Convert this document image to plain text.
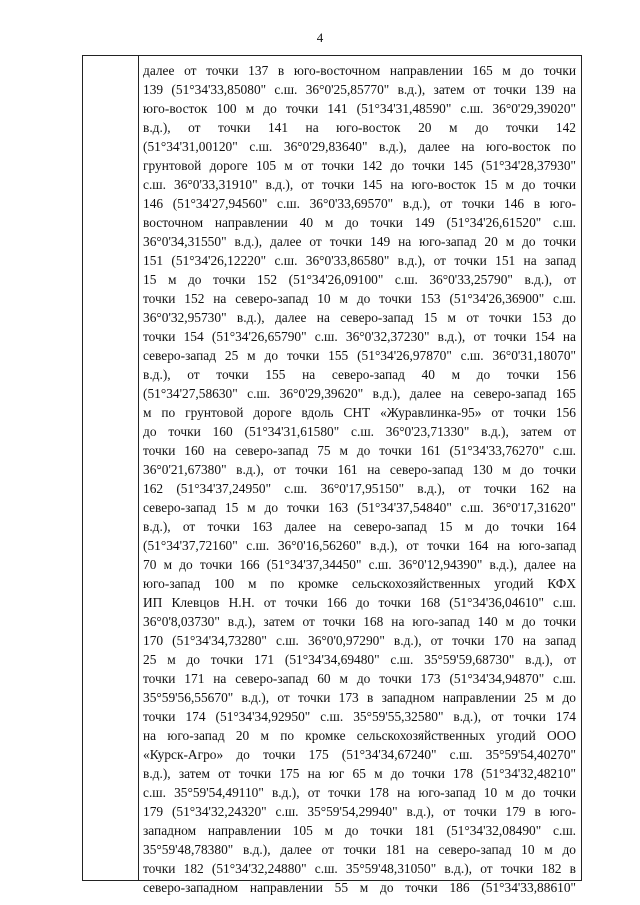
4
далее от точки 137 в юго-восточном направлении 165 м до точки
139 (51°34'33,85080" с.ш. 36°0'25,85770" в.д.), затем от точки 139 на
юго-восток 100 м до точки 141 (51°34'31,48590" с.ш. 36°0'29,39020"
в.д.), от точки 141 на юго-восток 20 м до точки 142
(51°34'31,00120" с.ш. 36°0'29,83640" в.д.), далее на юго-восток по
грунтовой дороге 105 м от точки 142 до точки 145 (51°34'28,37930"
с.ш. 36°0'33,31910" в.д.), от точки 145 на юго-восток 15 м до точки
146 (51°34'27,94560" с.ш. 36°0'33,69570" в.д.), от точки 146 в юго-
восточном направлении 40 м до точки 149 (51°34'26,61520" с.ш.
36°0'34,31550" в.д.), далее от точки 149 на юго-запад 20 м до точки
151 (51°34'26,12220" с.ш. 36°0'33,86580" в.д.), от точки 151 на запад
15 м до точки 152 (51°34'26,09100" с.ш. 36°0'33,25790" в.д.), от
точки 152 на северо-запад 10 м до точки 153 (51°34'26,36900" с.ш.
36°0'32,95730" в.д.), далее на северо-запад 15 м от точки 153 до
точки 154 (51°34'26,65790" с.ш. 36°0'32,37230" в.д.), от точки 154 на
северо-запад 25 м до точки 155 (51°34'26,97870" с.ш. 36°0'31,18070"
в.д.), от точки 155 на северо-запад 40 м до точки 156
(51°34'27,58630" с.ш. 36°0'29,39620" в.д.), далее на северо-запад 165
м по грунтовой дороге вдоль СНТ «Журавлинка-95» от точки 156
до точки 160 (51°34'31,61580" с.ш. 36°0'23,71330" в.д.), затем от
точки 160 на северо-запад 75 м до точки 161 (51°34'33,76270" с.ш.
36°0'21,67380" в.д.), от точки 161 на северо-запад 130 м до точки
162 (51°34'37,24950" с.ш. 36°0'17,95150" в.д.), от точки 162 на
северо-запад 15 м до точки 163 (51°34'37,54840" с.ш. 36°0'17,31620"
в.д.), от точки 163 далее на северо-запад 15 м до точки 164
(51°34'37,72160" с.ш. 36°0'16,56260" в.д.), от точки 164 на юго-запад
70 м до точки 166 (51°34'37,34450" с.ш. 36°0'12,94390" в.д.), далее на
юго-запад 100 м по кромке сельскохозяйственных угодий КФХ
ИП Клевцов Н.Н. от точки 166 до точки 168 (51°34'36,04610" с.ш.
36°0'8,03730" в.д.), затем от точки 168 на юго-запад 140 м до точки
170 (51°34'34,73280" с.ш. 36°0'0,97290" в.д.), от точки 170 на запад
25 м до точки 171 (51°34'34,69480" с.ш. 35°59'59,68730" в.д.), от
точки 171 на северо-запад 60 м до точки 173 (51°34'34,94870" с.ш.
35°59'56,55670" в.д.), от точки 173 в западном направлении 25 м до
точки 174 (51°34'34,92950" с.ш. 35°59'55,32580" в.д.), от точки 174
на юго-запад 20 м по кромке сельскохозяйственных угодий ООО
«Курск-Агро» до точки 175 (51°34'34,67240" с.ш. 35°59'54,40270"
в.д.), затем от точки 175 на юг 65 м до точки 178 (51°34'32,48210"
с.ш. 35°59'54,49110" в.д.), от точки 178 на юго-запад 10 м до точки
179 (51°34'32,24320" с.ш. 35°59'54,29940" в.д.), от точки 179 в юго-
западном направлении 105 м до точки 181 (51°34'32,08490" с.ш.
35°59'48,78380" в.д.), далее от точки 181 на северо-запад 10 м до
точки 182 (51°34'32,24880" с.ш. 35°59'48,31050" в.д.), от точки 182 в
северо-западном направлении 55 м до точки 186 (51°34'33,88610"
